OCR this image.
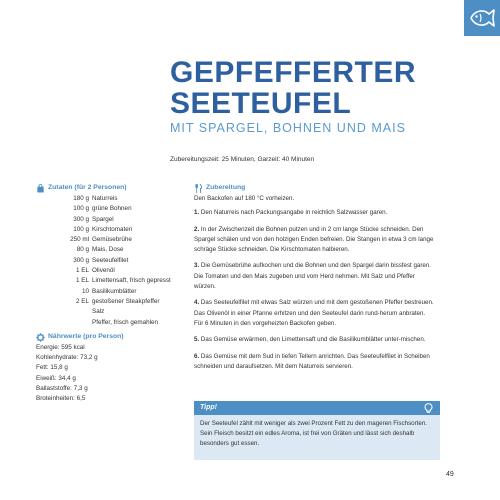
GEPFEFFERTER
SEETEUFEL
MIT SPARGEL, BOHNEN UND MAIS
Zubereitungszeit: 25 Minuten, Garzeit: 40 Minuten
Zutaten (für 2 Personen)
180 g Naturreis
100 g grüne Bohnen
300 g Spargel
100 g Kirschtomaten
250 ml Gemüsebrühe
80 g Mais, Dose
300 g Seeteufelfilet
1 EL Olivenöl
1 EL Limettensaft, frisch gepresst
10 Basilikumblätter
2 EL gestoßener Steakpfeffer
Salz
Pfeffer, frisch gemahlen
Nährwerte (pro Person)
Energie: 595 kcal
Kohlenhydrate: 73,2 g
Fett: 15,8 g
Eiweiß: 34,4 g
Ballaststoffe: 7,3 g
Broteinheiten: 6,5
Zubereitung
Den Backofen auf 180 °C vorheizen.
1. Den Naturreis nach Packungsangabe in reichlich Salzwasser garen.
2. In der Zwischenzeit die Bohnen putzen und in 2 cm lange Stücke schneiden. Den Spargel schälen und von den holzigen Enden befreien. Die Stangen in etwa 3 cm lange schräge Stücke schneiden. Die Kirschtomaten halbieren.
3. Die Gemüsebrühe aufkochen und die Bohnen und den Spargel darin bissfest garen. Die Tomaten und den Mais zugeben und vom Herd nehmen. Mit Salz und Pfeffer würzen.
4. Das Seeteufelfilet mit etwas Salz würzen und mit dem gestoßenen Pfeffer bestreuen. Das Olivenöl in einer Pfanne erhitzen und den Seeteufel darin rund-herum anbraten. Für 6 Minuten in den vorgeheizten Backofen geben.
5. Das Gemüse erwärmen, den Limettensaft und die Basilikumblätter unter-mischen.
6. Das Gemüse mit dem Sud in tiefen Tellern anrichten. Das Seeteufelfilet in Scheiben schneiden und daraufsetzen. Mit dem Naturreis servieren.
Tipp!
Der Seeteufel zählt mit weniger als zwei Prozent Fett zu den mageren Fischsorten. Sein Fleisch besitzt ein edles Aroma, ist frei von Gräten und lässt sich deshalb besonders gut essen.
49
